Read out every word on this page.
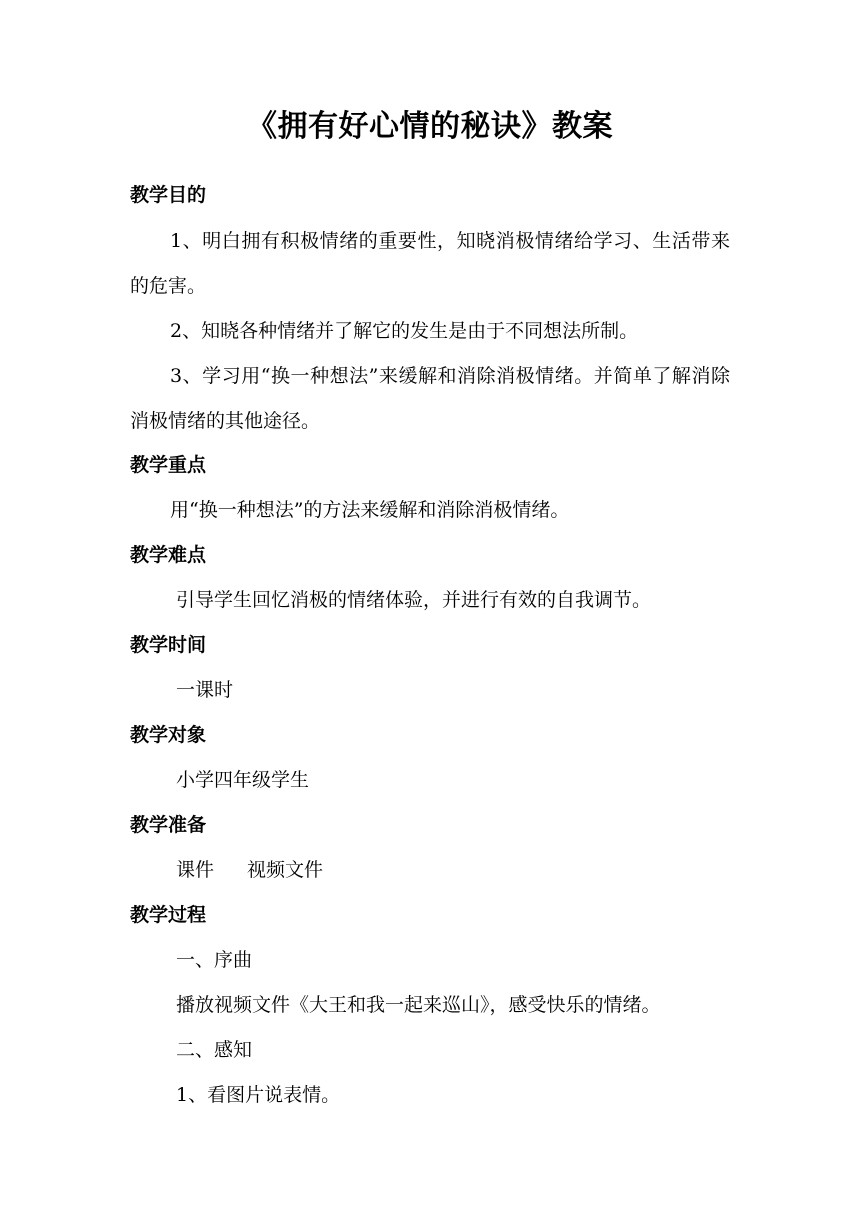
《拥有好心情的秘诀》教案
教学目的
1、明白拥有积极情绪的重要性，知晓消极情绪给学习、生活带来的危害。
2、知晓各种情绪并了解它的发生是由于不同想法所制。
3、学习用“换一种想法”来缓解和消除消极情绪。并简单了解消除消极情绪的其他途径。
教学重点
用“换一种想法”的方法来缓解和消除消极情绪。
教学难点
引导学生回忆消极的情绪体验，并进行有效的自我调节。
教学时间
一课时
教学对象
小学四年级学生
教学准备
课件 视频文件
教学过程
一、序曲
播放视频文件《大王和我一起来巡山》，感受快乐的情绪。
二、感知
1、看图片说表情。
